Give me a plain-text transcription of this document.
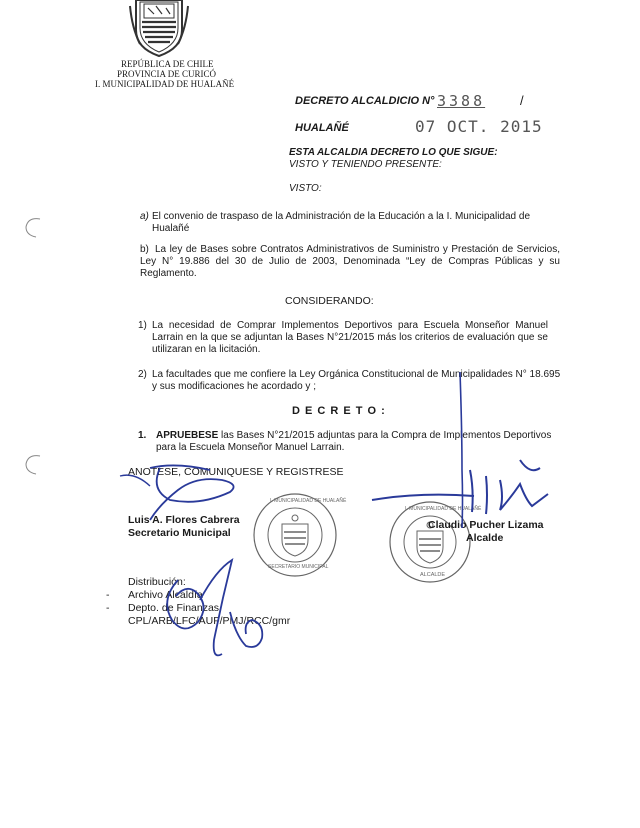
REPÚBLICA DE CHILE
PROVINCIA DE CURICÓ
I. MUNICIPALIDAD DE HUALAÑÉ
DECRETO ALCALDICIO N° 3388	/
HUALAÑÉ	07 OCT. 2015
ESTA ALCALDIA DECRETO LO QUE SIGUE:
VISTO Y TENIENDO PRESENTE:
VISTO:
a) El convenio de traspaso de la Administración de la Educación a la I. Municipalidad de Hualañé
b) La ley de Bases sobre Contratos Administrativos de Suministro y Prestación de Servicios, Ley N° 19.886 del 30 de Julio de 2003, Denominada “Ley de Compras Públicas y su Reglamento.
CONSIDERANDO:
1) La necesidad de Comprar Implementos Deportivos para Escuela Monseñor Manuel Larrain en la que se adjuntan la Bases N°21/2015 más los criterios de evaluación que se utilizaran en la licitación.
2) La facultades que me confiere la Ley Orgánica Constitucional de Municipalidades N° 18.695 y sus modificaciones he acordado y ;
D E C R E T O :
1. APRUEBESE las Bases N°21/2015 adjuntas para la Compra de Implementos Deportivos para la Escuela Monseñor Manuel Larrain.
ANOTESE, COMUNIQUESE Y REGISTRESE
I. MUNICIPALIDAD DE HUALAÑÉ
SECRETARIO MUNICIPAL
I. MUNICIPALIDAD DE HUALAÑÉ
ALCALDE
Luis A. Flores Cabrera
Secretario Municipal
Claudio Pucher Lizama
Alcalde
Distribución:
- Archivo Alcaldía
- Depto. de Finanzas
CPL/ARB/LFC/AUF/PMJ/RCC/gmr
